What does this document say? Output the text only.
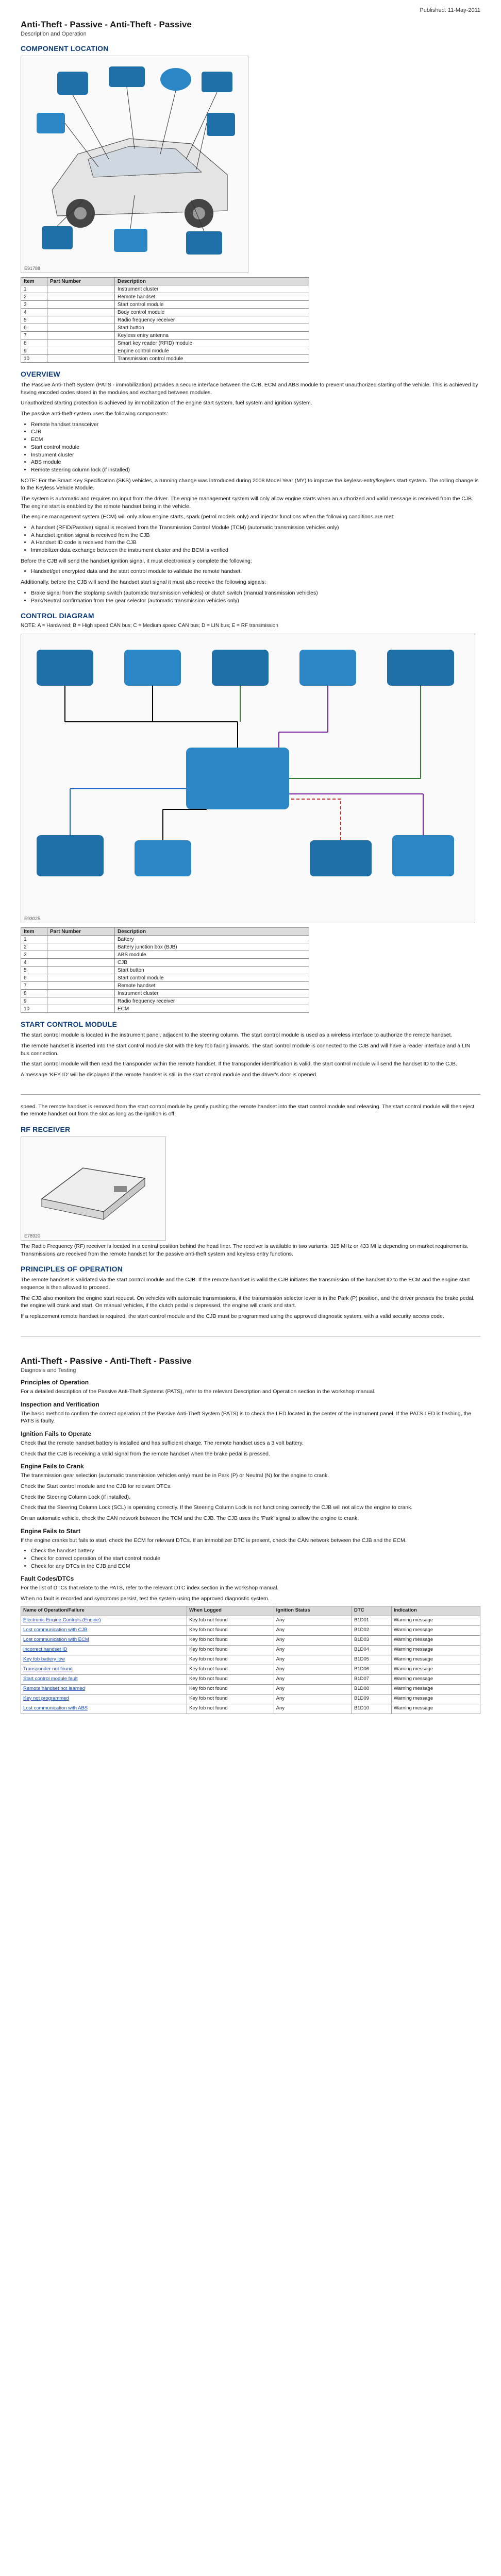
Published: 11-May-2011
Anti-Theft - Passive - Anti-Theft - Passive
Description and Operation
COMPONENT LOCATION
E91788
Item	Part Number	Description
1		Instrument cluster
2		Remote handset
3		Start control module
4		Body control module
5		Radio frequency receiver
6		Start button
7		Keyless entry antenna
8		Smart key reader (RFID) module
9		Engine control module
10		Transmission control module
OVERVIEW

The Passive Anti-Theft System (PATS - immobilization) provides a secure interface between the CJB, ECM and ABS module to prevent unauthorized starting of the vehicle. This is achieved by having encoded codes stored in the modules and exchanged between modules.

Unauthorized starting protection is achieved by immobilization of the engine start system, fuel system and ignition system.

The passive anti-theft system uses the following components:

• Remote handset transceiver
• CJB
• ECM
• Start control module
• Instrument cluster
• ABS module
• Remote steering column lock (if installed)

NOTE: For the Smart Key Specification (SKS) vehicles, a running change was introduced during 2008 Model Year (MY) to improve the keyless-entry/keyless start system. The rolling change is to the Keyless Vehicle Module.

The system is automatic and requires no input from the driver. The engine management system will only allow engine starts when an authorized and valid message is received from the CJB. The engine start is enabled by the remote handset being in the vehicle.

The engine management system (ECM) will only allow engine starts, spark (petrol models only) and injector functions when the following conditions are met:

• A handset (RFID/Passive) signal is received from the Transmission Control Module (TCM) (automatic transmission vehicles only)
• A handset ignition signal is received from the CJB
• A Handset ID code is received from the CJB
• Immobilizer data exchange between the instrument cluster and the BCM is verified

Before the CJB will send the handset ignition signal, it must electronically complete the following:

• Handset/get encrypted data and the start control module to validate the remote handset.

Additionally, before the CJB will send the handset start signal it must also receive the following signals:

• Brake signal from the stoplamp switch (automatic transmission vehicles) or clutch switch (manual transmission vehicles)
• Park/Neutral confirmation from the gear selector (automatic transmission vehicles only)
CONTROL DIAGRAM
NOTE: A = Hardwired; B = High speed CAN bus; C = Medium speed CAN bus; D = LIN bus; E = RF transmission
E93025
Item	Part Number	Description
1		Battery
2		Battery junction box (BJB)
3		ABS module
4		CJB
5		Start button
6		Start control module
7		Remote handset
8		Instrument cluster
9		Radio frequency receiver
10		ECM
START CONTROL MODULE

The start control module is located in the instrument panel, adjacent to the steering column. The start control module is used as a wireless interface to authorize the remote handset.

The remote handset is inserted into the start control module slot with the key fob facing inwards. The start control module is connected to the CJB and will have a reader interface and a LIN bus connection.

The start control module will then read the transponder within the remote handset. If the transponder identification is valid, the start control module will send the handset ID to the CJB.

A message 'KEY ID' will be displayed if the remote handset is still in the start control module and the driver's door is opened.

speed. The remote handset is removed from the start control module by gently pushing the remote handset into the start control module and releasing. The start control module will then eject the remote handset out from the slot as long as the ignition is off.

RF RECEIVER
E78920

The Radio Frequency (RF) receiver is located in a central position behind the head liner. The receiver is available in two variants: 315 MHz or 433 MHz depending on market requirements. Transmissions are received from the remote handset for the passive anti-theft system and keyless entry functions.

PRINCIPLES OF OPERATION

The remote handset is validated via the start control module and the CJB. If the remote handset is valid the CJB initiates the transmission of the handset ID to the ECM and the engine start sequence is then allowed to proceed.

The CJB also monitors the engine start request. On vehicles with automatic transmissions, if the transmission selector lever is in the Park (P) position, and the driver presses the brake pedal, the engine will crank and start. On manual vehicles, if the clutch pedal is depressed, the engine will crank and start.

If a replacement remote handset is required, the start control module and the CJB must be programmed using the approved diagnostic system, with a valid security access code.

Anti-Theft - Passive - Anti-Theft - Passive
Diagnosis and Testing
Principles of Operation

For a detailed description of the Passive Anti-Theft Systems (PATS), refer to the relevant Description and Operation section in the workshop manual.

Inspection and Verification

The basic method to confirm the correct operation of the Passive Anti-Theft System (PATS) is to check the LED located in the center of the instrument panel. If the PATS LED is flashing, the PATS is faulty.

Ignition Fails to Operate

Check that the remote handset battery is installed and has sufficient charge. The remote handset uses a 3 volt battery.

Check that the CJB is receiving a valid signal from the remote handset when the brake pedal is pressed.

Engine Fails to Crank

The transmission gear selection (automatic transmission vehicles only) must be in Park (P) or Neutral (N) for the engine to crank.

Check the Start control module and the CJB for relevant DTCs.

Check the Steering Column Lock (if installed).

Check that the Steering Column Lock (SCL) is operating correctly. If the Steering Column Lock is not functioning correctly the CJB will not allow the engine to crank.

On an automatic vehicle, check the CAN network between the TCM and the CJB. The CJB uses the 'Park' signal to allow the engine to crank.

Engine Fails to Start

If the engine cranks but fails to start, check the ECM for relevant DTCs. If an immobilizer DTC is present, check the CAN network between the CJB and the ECM.

• Check the handset battery
• Check for correct operation of the start control module
• Check for any DTCs in the CJB and ECM
Fault Codes/DTCs

For the list of DTCs that relate to the PATS, refer to the relevant DTC index section in the workshop manual.

When no fault is recorded and symptoms persist, test the system using the approved diagnostic system.

Name of Operation/Failure	When Logged	Ignition Status	DTC	Indication
Electronic Engine Controls (Engine)	Key fob not found	Any	B1D01	Warning message
Lost communication with CJB	Key fob not found	Any	B1D02	Warning message
Lost communication with ECM	Key fob not found	Any	B1D03	Warning message
Incorrect handset ID	Key fob not found	Any	B1D04	Warning message
Key fob battery low	Key fob not found	Any	B1D05	Warning message
Transponder not found	Key fob not found	Any	B1D06	Warning message
Start control module fault	Key fob not found	Any	B1D07	Warning message
Remote handset not learned	Key fob not found	Any	B1D08	Warning message
Key not programmed	Key fob not found	Any	B1D09	Warning message
Lost communication with ABS	Key fob not found	Any	B1D10	Warning message
